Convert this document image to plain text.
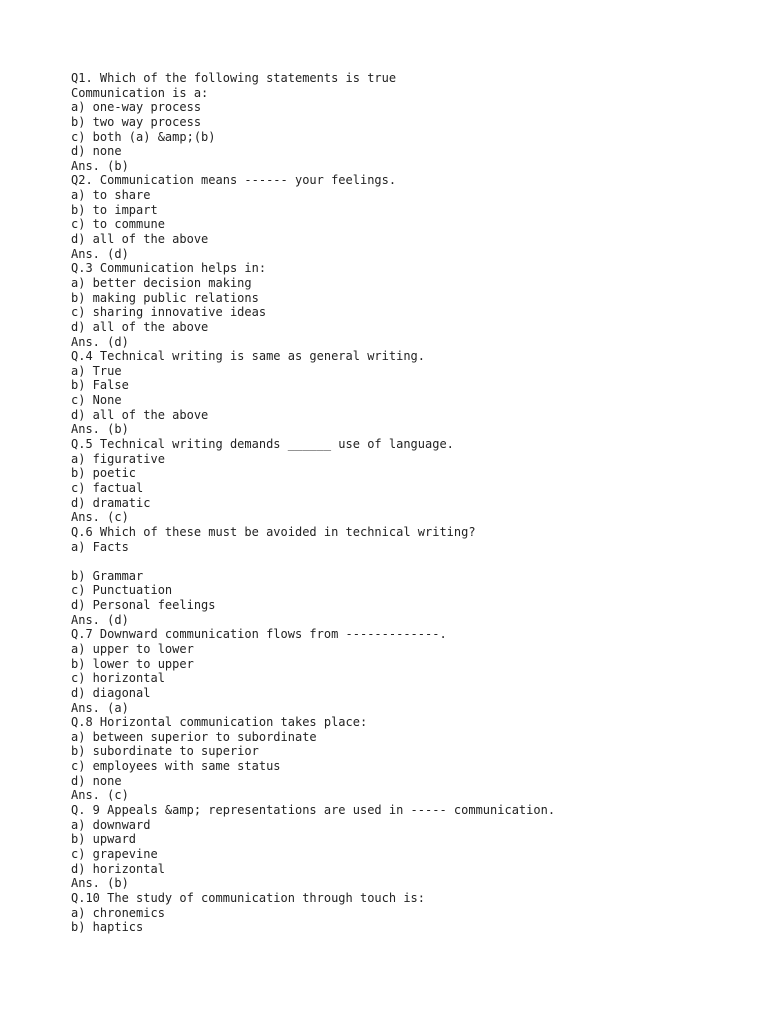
Q1. Which of the following statements is true
Communication is a:
a) one-way process
b) two way process
c) both (a) &amp;(b)
d) none
Ans. (b)
Q2. Communication means ------ your feelings.
a) to share
b) to impart
c) to commune
d) all of the above
Ans. (d)
Q.3 Communication helps in:
a) better decision making
b) making public relations
c) sharing innovative ideas
d) all of the above
Ans. (d)
Q.4 Technical writing is same as general writing.
a) True
b) False
c) None
d) all of the above
Ans. (b)
Q.5 Technical writing demands ______ use of language.
a) figurative
b) poetic
c) factual
d) dramatic
Ans. (c)
Q.6 Which of these must be avoided in technical writing?
a) Facts
b) Grammar
c) Punctuation
d) Personal feelings
Ans. (d)
Q.7 Downward communication flows from -------------.
a) upper to lower
b) lower to upper
c) horizontal
d) diagonal
Ans. (a)
Q.8 Horizontal communication takes place:
a) between superior to subordinate
b) subordinate to superior
c) employees with same status
d) none
Ans. (c)
Q. 9 Appeals &amp; representations are used in ----- communication.
a) downward
b) upward
c) grapevine
d) horizontal
Ans. (b)
Q.10 The study of communication through touch is:
a) chronemics
b) haptics
